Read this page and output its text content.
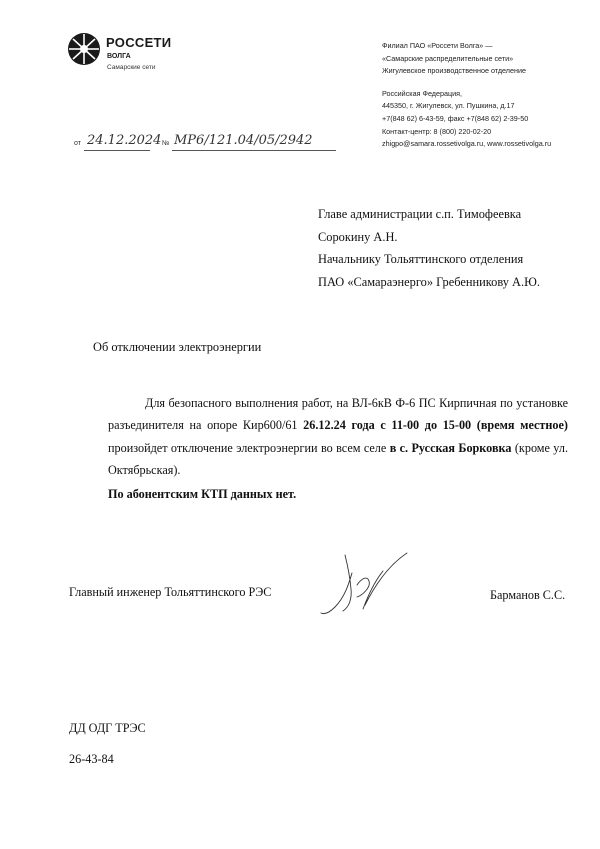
РОССЕТИ
ВОЛГА
Самарские сети
Филиал ПАО «Россети Волга» —
«Самарские распределительные сети»
Жигулевское производственное отделение
Российская Федерация,
445350, г. Жигулевск, ул. Пушкина, д.17
+7(848 62) 6-43-59, факс +7(848 62) 2-39-50
Контакт-центр: 8 (800) 220-02-20
zhigpo@samara.rossetivolga.ru, www.rossetivolga.ru
от 24.12.2024 № МР6/121.04/05/2942
Главе администрации с.п. Тимофеевка
Сорокину А.Н.
Начальнику Тольяттинского отделения
ПАО «Самараэнерго» Гребенникову А.Ю.
Об отключении электроэнергии
Для безопасного выполнения работ, на ВЛ-6кВ Ф-6 ПС Кирпичная по установке разъединителя на опоре Кир600/61 26.12.24 года с 11-00 до 15-00 (время местное) произойдет отключение электроэнергии во всем селе в с. Русская Борковка (кроме ул. Октябрьская).
По абонентским КТП данных нет.
Главный инженер Тольяттинского РЭС	Барманов С.С.
ДД ОДГ ТРЭС
26-43-84
